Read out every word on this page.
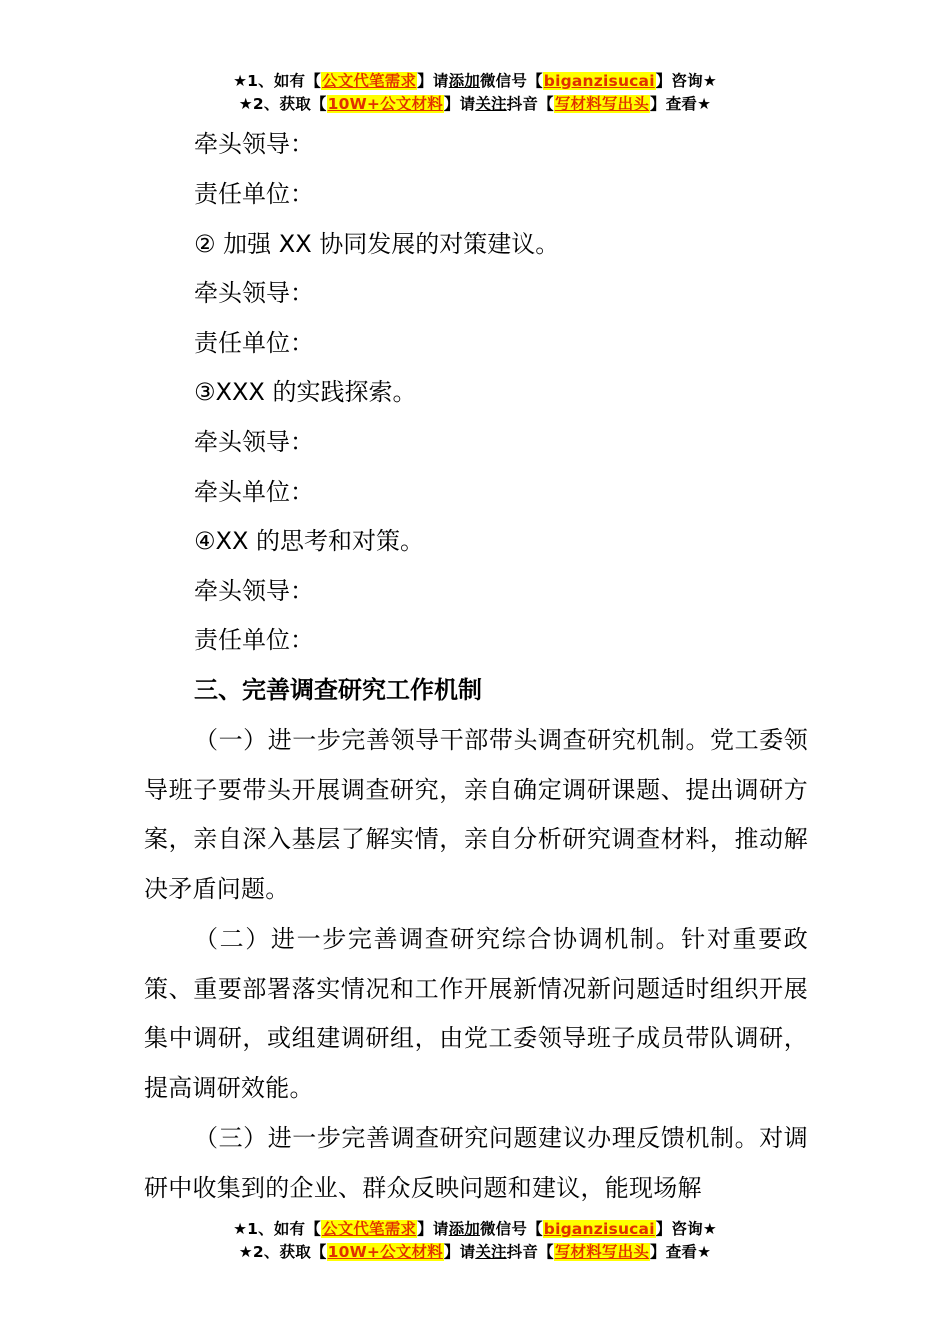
★1、如有【公文代笔需求】请添加微信号【biganzisucai】咨询★
★2、获取【10W+公文材料】请关注抖音【写材料写出头】查看★
牵头领导：
责任单位：
② 加强 XX 协同发展的对策建议。
牵头领导：
责任单位：
③XXX 的实践探索。
牵头领导：
牵头单位：
④XX 的思考和对策。
牵头领导：
责任单位：
三、完善调查研究工作机制
（一）进一步完善领导干部带头调查研究机制。党工委领导班子要带头开展调查研究，亲自确定调研课题、提出调研方案，亲自深入基层了解实情，亲自分析研究调查材料，推动解决矛盾问题。
（二）进一步完善调查研究综合协调机制。针对重要政策、重要部署落实情况和工作开展新情况新问题适时组织开展集中调研，或组建调研组，由党工委领导班子成员带队调研，提高调研效能。
（三）进一步完善调查研究问题建议办理反馈机制。对调研中收集到的企业、群众反映问题和建议，能现场解
★1、如有【公文代笔需求】请添加微信号【biganzisucai】咨询★
★2、获取【10W+公文材料】请关注抖音【写材料写出头】查看★
